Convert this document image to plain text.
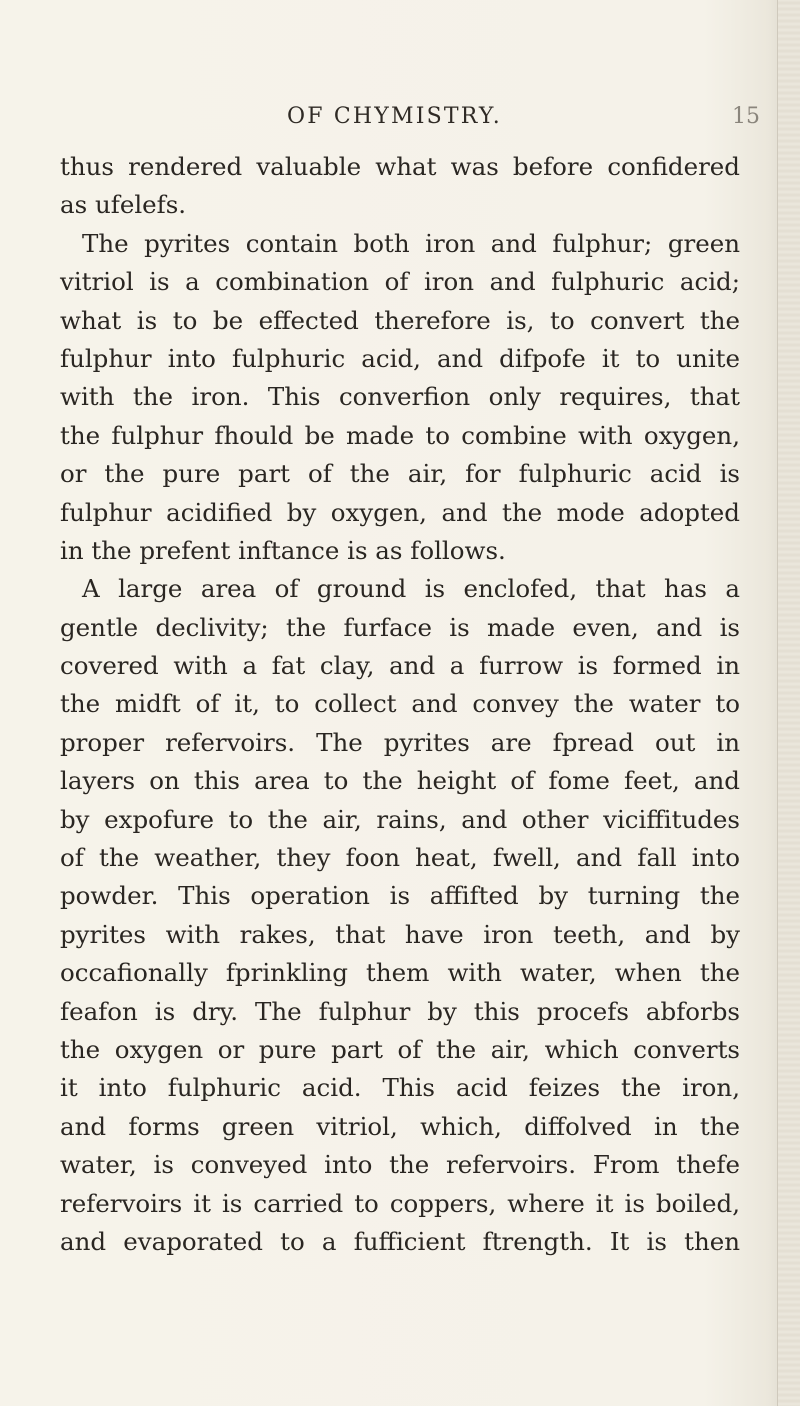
OF CHYMISTRY.	15
thus rendered valuable what was before confidered
as ufelefs.
The pyrites contain both iron and fulphur; green
vitriol is a combination of iron and fulphuric acid;
what is to be effected therefore is, to convert the
fulphur into fulphuric acid, and difpofe it to unite
with the iron. This converfion only requires, that
the fulphur fhould be made to combine with oxygen,
or the pure part of the air, for fulphuric acid is
fulphur acidified by oxygen, and the mode adopted
in the prefent inftance is as follows.
A large area of ground is enclofed, that has a
gentle declivity; the furface is made even, and is
covered with a fat clay, and a furrow is formed in
the midft of it, to collect and convey the water to
proper refervoirs. The pyrites are fpread out in
layers on this area to the height of fome feet, and
by expofure to the air, rains, and other viciffitudes
of the weather, they foon heat, fwell, and fall into
powder. This operation is affifted by turning the
pyrites with rakes, that have iron teeth, and by
occafionally fprinkling them with water, when the
feafon is dry. The fulphur by this procefs abforbs
the oxygen or pure part of the air, which converts
it into fulphuric acid. This acid feizes the iron,
and forms green vitriol, which, diffolved in the
water, is conveyed into the refervoirs. From thefe
refervoirs it is carried to coppers, where it is boiled,
and evaporated to a fufficient ftrength. It is then
